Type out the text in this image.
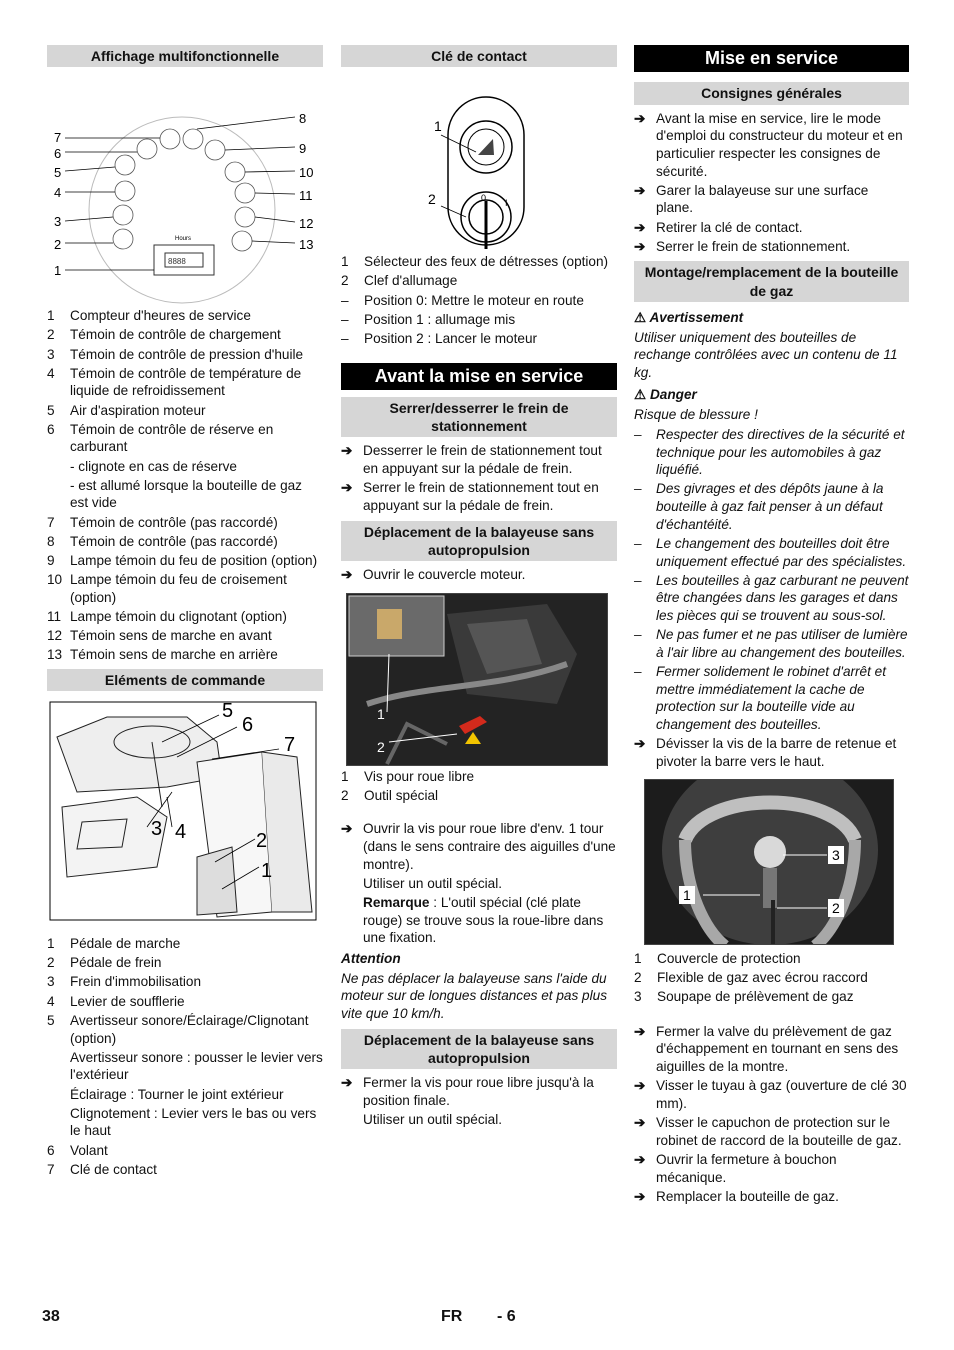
Affichage multifonctionnelle
Hours
8888
1
2
3
4
5
6
7
8
9
10
11
12
13
1	Compteur d'heures de service
2	Témoin de contrôle de chargement
3	Témoin de contrôle de pression d'huile
4	Témoin de contrôle de température de liquide de refroidissement
5	Air d'aspiration moteur
6	Témoin de contrôle de réserve en carburant
- clignote en cas de réserve
- est allumé lorsque la bouteille de gaz est vide
7	Témoin de contrôle (pas raccordé)
8	Témoin de contrôle (pas raccordé)
9	Lampe témoin du feu de position (option)
10 Lampe témoin du feu de croisement (option)
11 Lampe témoin du clignotant (option)
12 Témoin sens de marche en avant
13 Témoin sens de marche en arrière
Eléments de commande
5
6
7
3 4	2
1
1	Pédale de marche
2	Pédale de frein
3	Frein d'immobilisation
4	Levier de soufflerie
5	Avertisseur sonore/Éclairage/Clignotant (option)
Avertisseur sonore : pousser le levier vers l'extérieur
Éclairage : Tourner le joint extérieur
Clignotement : Levier vers le bas ou vers le haut
6	Volant
7	Clé de contact
Clé de contact
0 I
1
2
1	Sélecteur des feux de détresses (option)
2	Clef d'allumage
–	Position 0: Mettre le moteur en route
–	Position 1 : allumage mis
–	Position 2 : Lancer le moteur
Avant la mise en service
Serrer/desserrer le frein de stationnement
➔ Desserrer le frein de stationnement tout en appuyant sur la pédale de frein.
➔ Serrer le frein de stationnement tout en appuyant sur la pédale de frein.
Déplacement de la balayeuse sans autopropulsion
➔ Ouvrir le couvercle moteur.
1
2
1	Vis pour roue libre
2	Outil spécial
➔ Ouvrir la vis pour roue libre d'env. 1 tour (dans le sens contraire des aiguilles d'une montre).
Utiliser un outil spécial.
Remarque : L'outil spécial (clé plate rouge) se trouve sous la roue-libre dans une fixation.
Attention
Ne pas déplacer la balayeuse sans l'aide du moteur sur de longues distances et pas plus vite que 10 km/h.
Déplacement de la balayeuse sans autopropulsion
➔ Fermer la vis pour roue libre jusqu'à la position finale.
Utiliser un outil spécial.
Mise en service
Consignes générales
➔ Avant la mise en service, lire le mode d'emploi du constructeur du moteur et en particulier respecter les consignes de sécurité.
➔ Garer la balayeuse sur une surface plane.
➔ Retirer la clé de contact.
➔ Serrer le frein de stationnement.
Montage/remplacement de la bouteille de gaz
⚠ Avertissement
Utiliser uniquement des bouteilles de rechange contrôlées avec un contenu de 11 kg.
⚠ Danger
Risque de blessure !
–	Respecter des directives de la sécurité et technique pour les automobiles à gaz liquéfié.
–	Des givrages et des dépôts jaune à la bouteille à gaz fait penser à un défaut d'échantéité.
–	Le changement des bouteilles doit être uniquement effectué par des spécialistes.
–	Les bouteilles à gaz carburant ne peuvent être changées dans les garages et dans les pièces qui se trouvent au sous-sol.
–	Ne pas fumer et ne pas utiliser de lumière à l'air libre au changement des bouteilles.
–	Fermer solidement le robinet d'arrêt et mettre immédiatement la cache de protection sur la bouteille vide au changement des bouteilles.
➔ Dévisser la vis de la barre de retenue et pivoter la barre vers le haut.
1
2
3
1	Couvercle de protection
2	Flexible de gaz avec écrou raccord
3	Soupape de prélèvement de gaz
➔ Fermer la valve du prélèvement de gaz d'échappement en tournant en sens des aiguilles de la montre.
➔ Visser le tuyau à gaz (ouverture de clé 30 mm).
➔ Visser le capuchon de protection sur le robinet de raccord de la bouteille de gaz.
➔ Ouvrir la fermeture à bouchon mécanique.
➔ Remplacer la bouteille de gaz.
38	FR - 6
